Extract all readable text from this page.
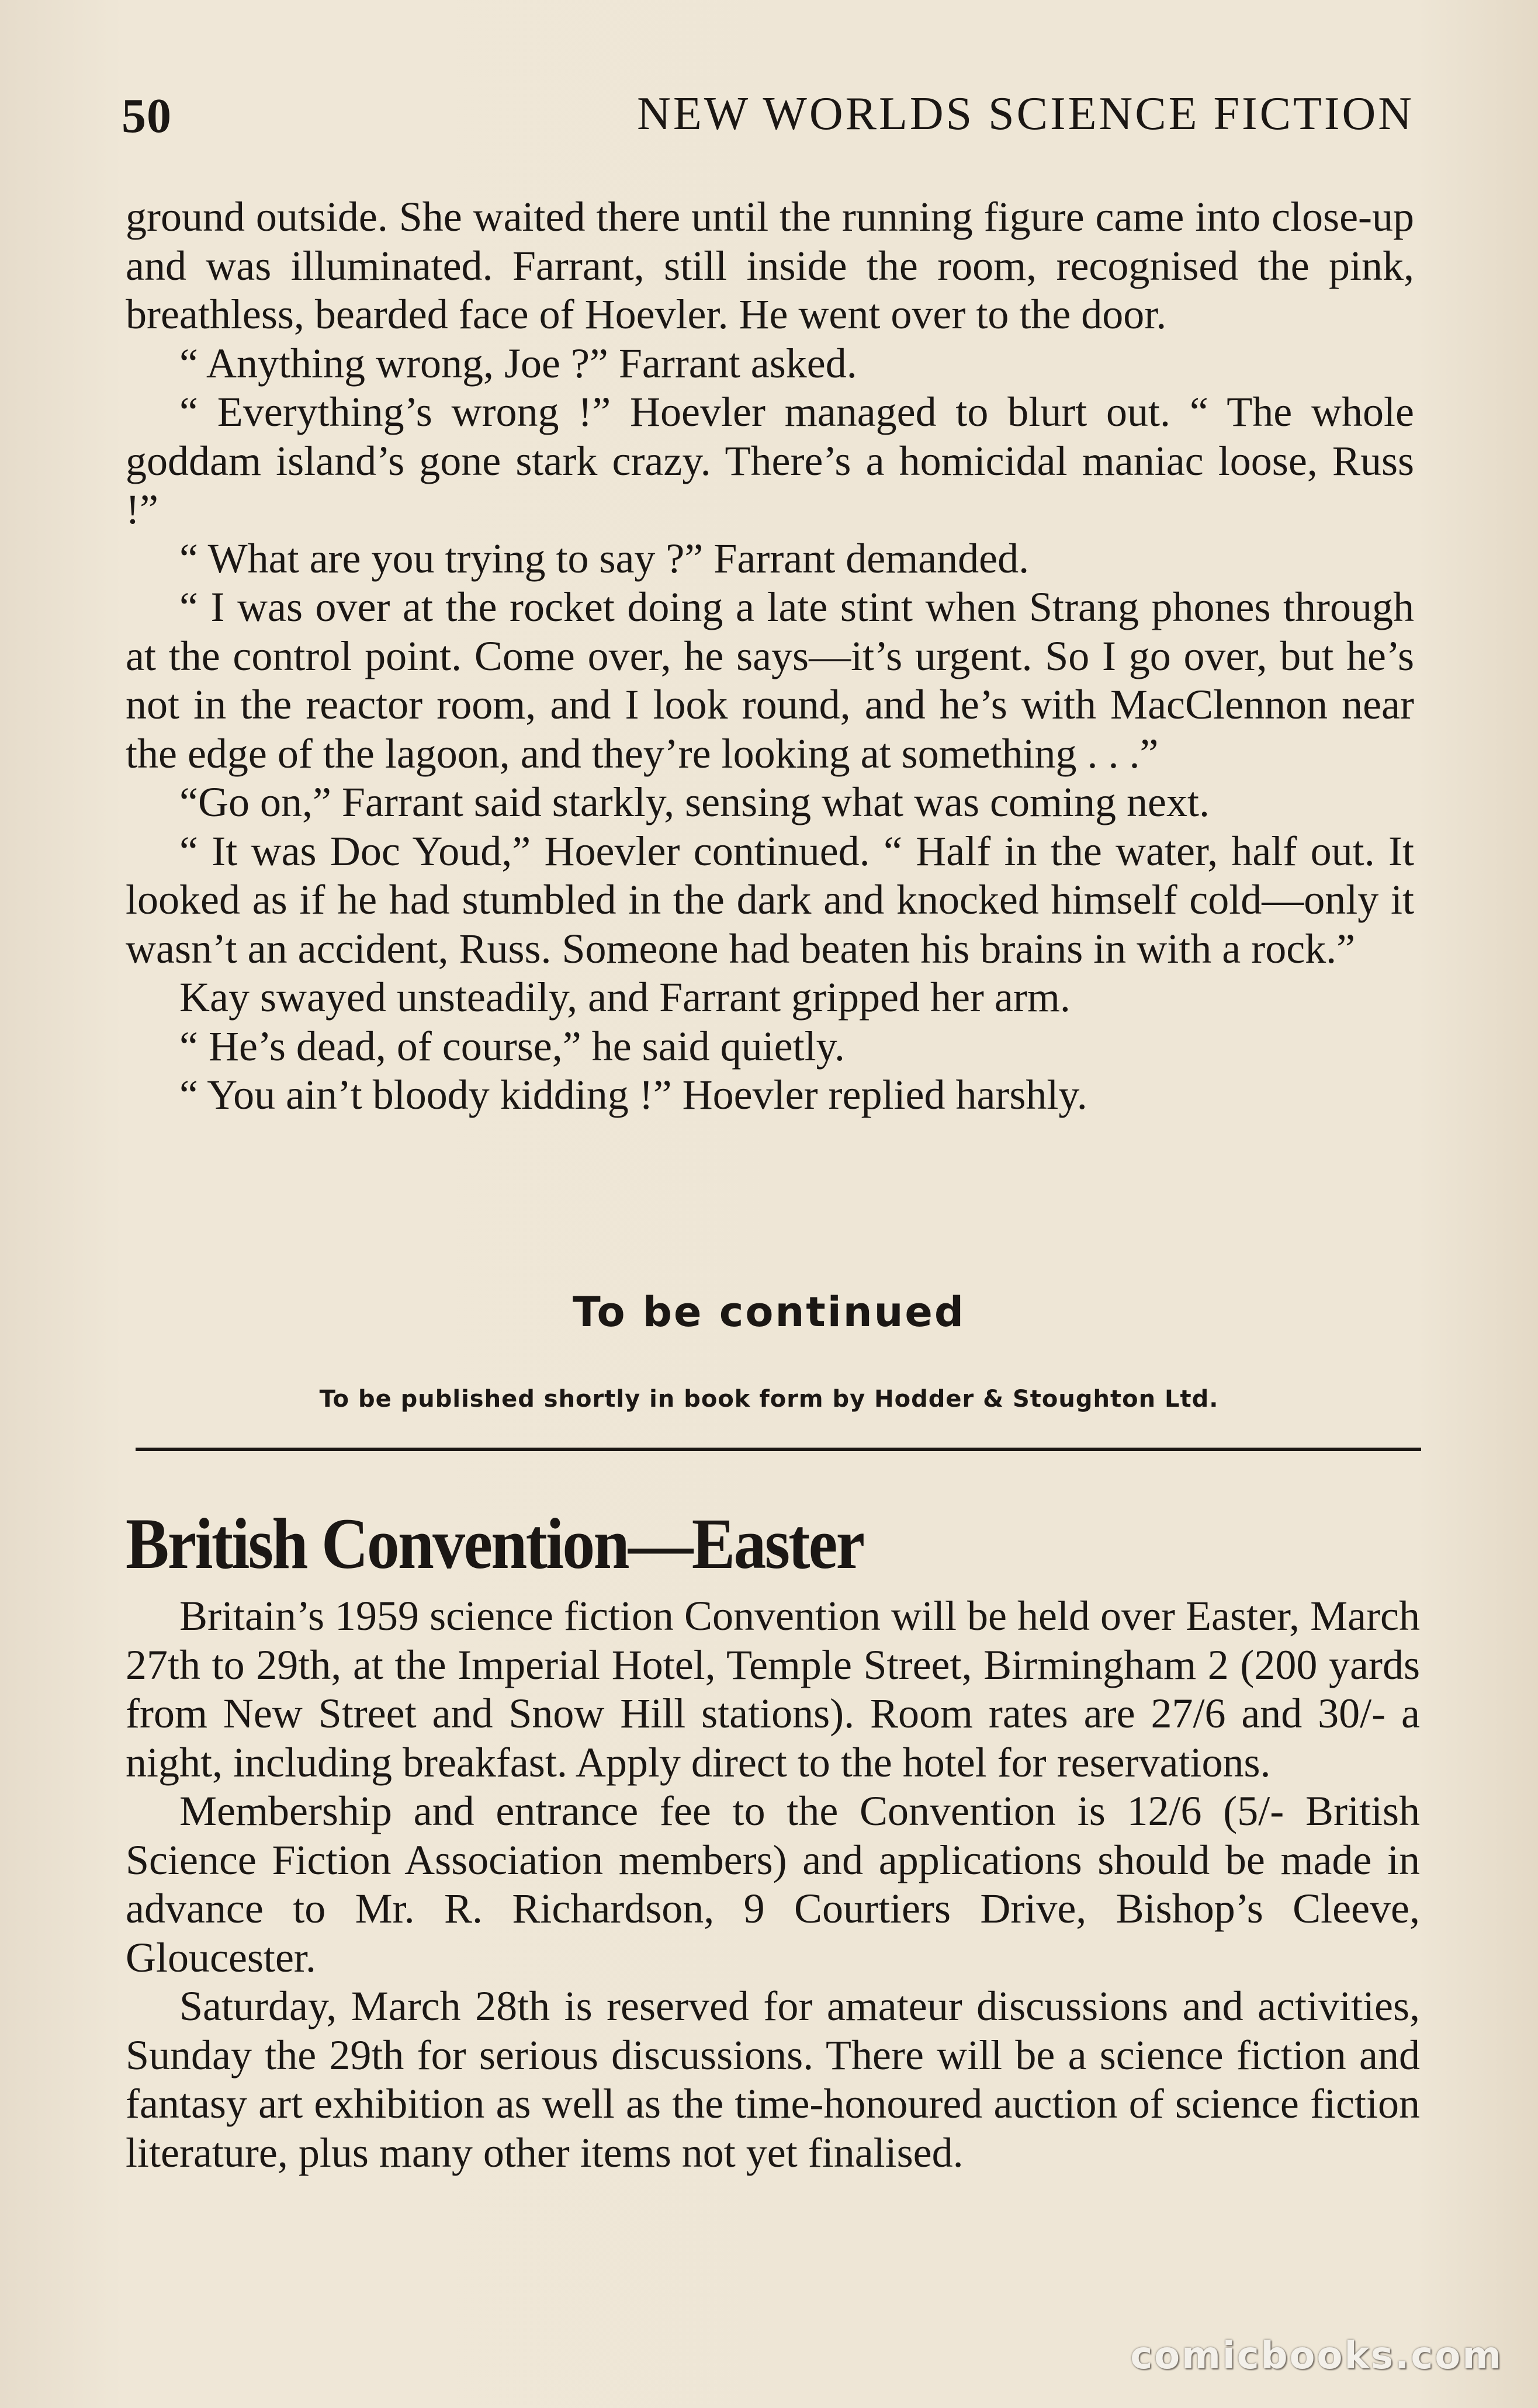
50	NEW WORLDS SCIENCE FICTION

ground outside. She waited there until the running figure came into close-up and was illuminated. Farrant, still inside the room, recognised the pink, breathless, bearded face of Hoevler. He went over to the door.

“ Anything wrong, Joe ?” Farrant asked.

“ Everything’s wrong !” Hoevler managed to blurt out. “ The whole goddam island’s gone stark crazy. There’s a homicidal maniac loose, Russ !”

“ What are you trying to say ?” Farrant demanded.

“ I was over at the rocket doing a late stint when Strang phones through at the control point. Come over, he says—it’s urgent. So I go over, but he’s not in the reactor room, and I look round, and he’s with MacClennon near the edge of the lagoon, and they’re looking at something . . .”

“Go on,” Farrant said starkly, sensing what was coming next.

“ It was Doc Youd,” Hoevler continued. “ Half in the water, half out. It looked as if he had stumbled in the dark and knocked himself cold—only it wasn’t an accident, Russ. Someone had beaten his brains in with a rock.”

Kay swayed unsteadily, and Farrant gripped her arm.

“ He’s dead, of course,” he said quietly.

“ You ain’t bloody kidding !” Hoevler replied harshly.

To be continued
To be published shortly in book form by Hodder & Stoughton Ltd.
British Convention—Easter

Britain’s 1959 science fiction Convention will be held over Easter, March 27th to 29th, at the Imperial Hotel, Temple Street, Birmingham 2 (200 yards from New Street and Snow Hill stations). Room rates are 27/6 and 30/- a night, including breakfast. Apply direct to the hotel for reservations.

Membership and entrance fee to the Convention is 12/6 (5/- British Science Fiction Association members) and applications should be made in advance to Mr. R. Richardson, 9 Courtiers Drive, Bishop’s Cleeve, Gloucester.

Saturday, March 28th is reserved for amateur discussions and activities, Sunday the 29th for serious discussions. There will be a science fiction and fantasy art exhibition as well as the time-honoured auction of science fiction literature, plus many other items not yet finalised.

comicbooks.com
